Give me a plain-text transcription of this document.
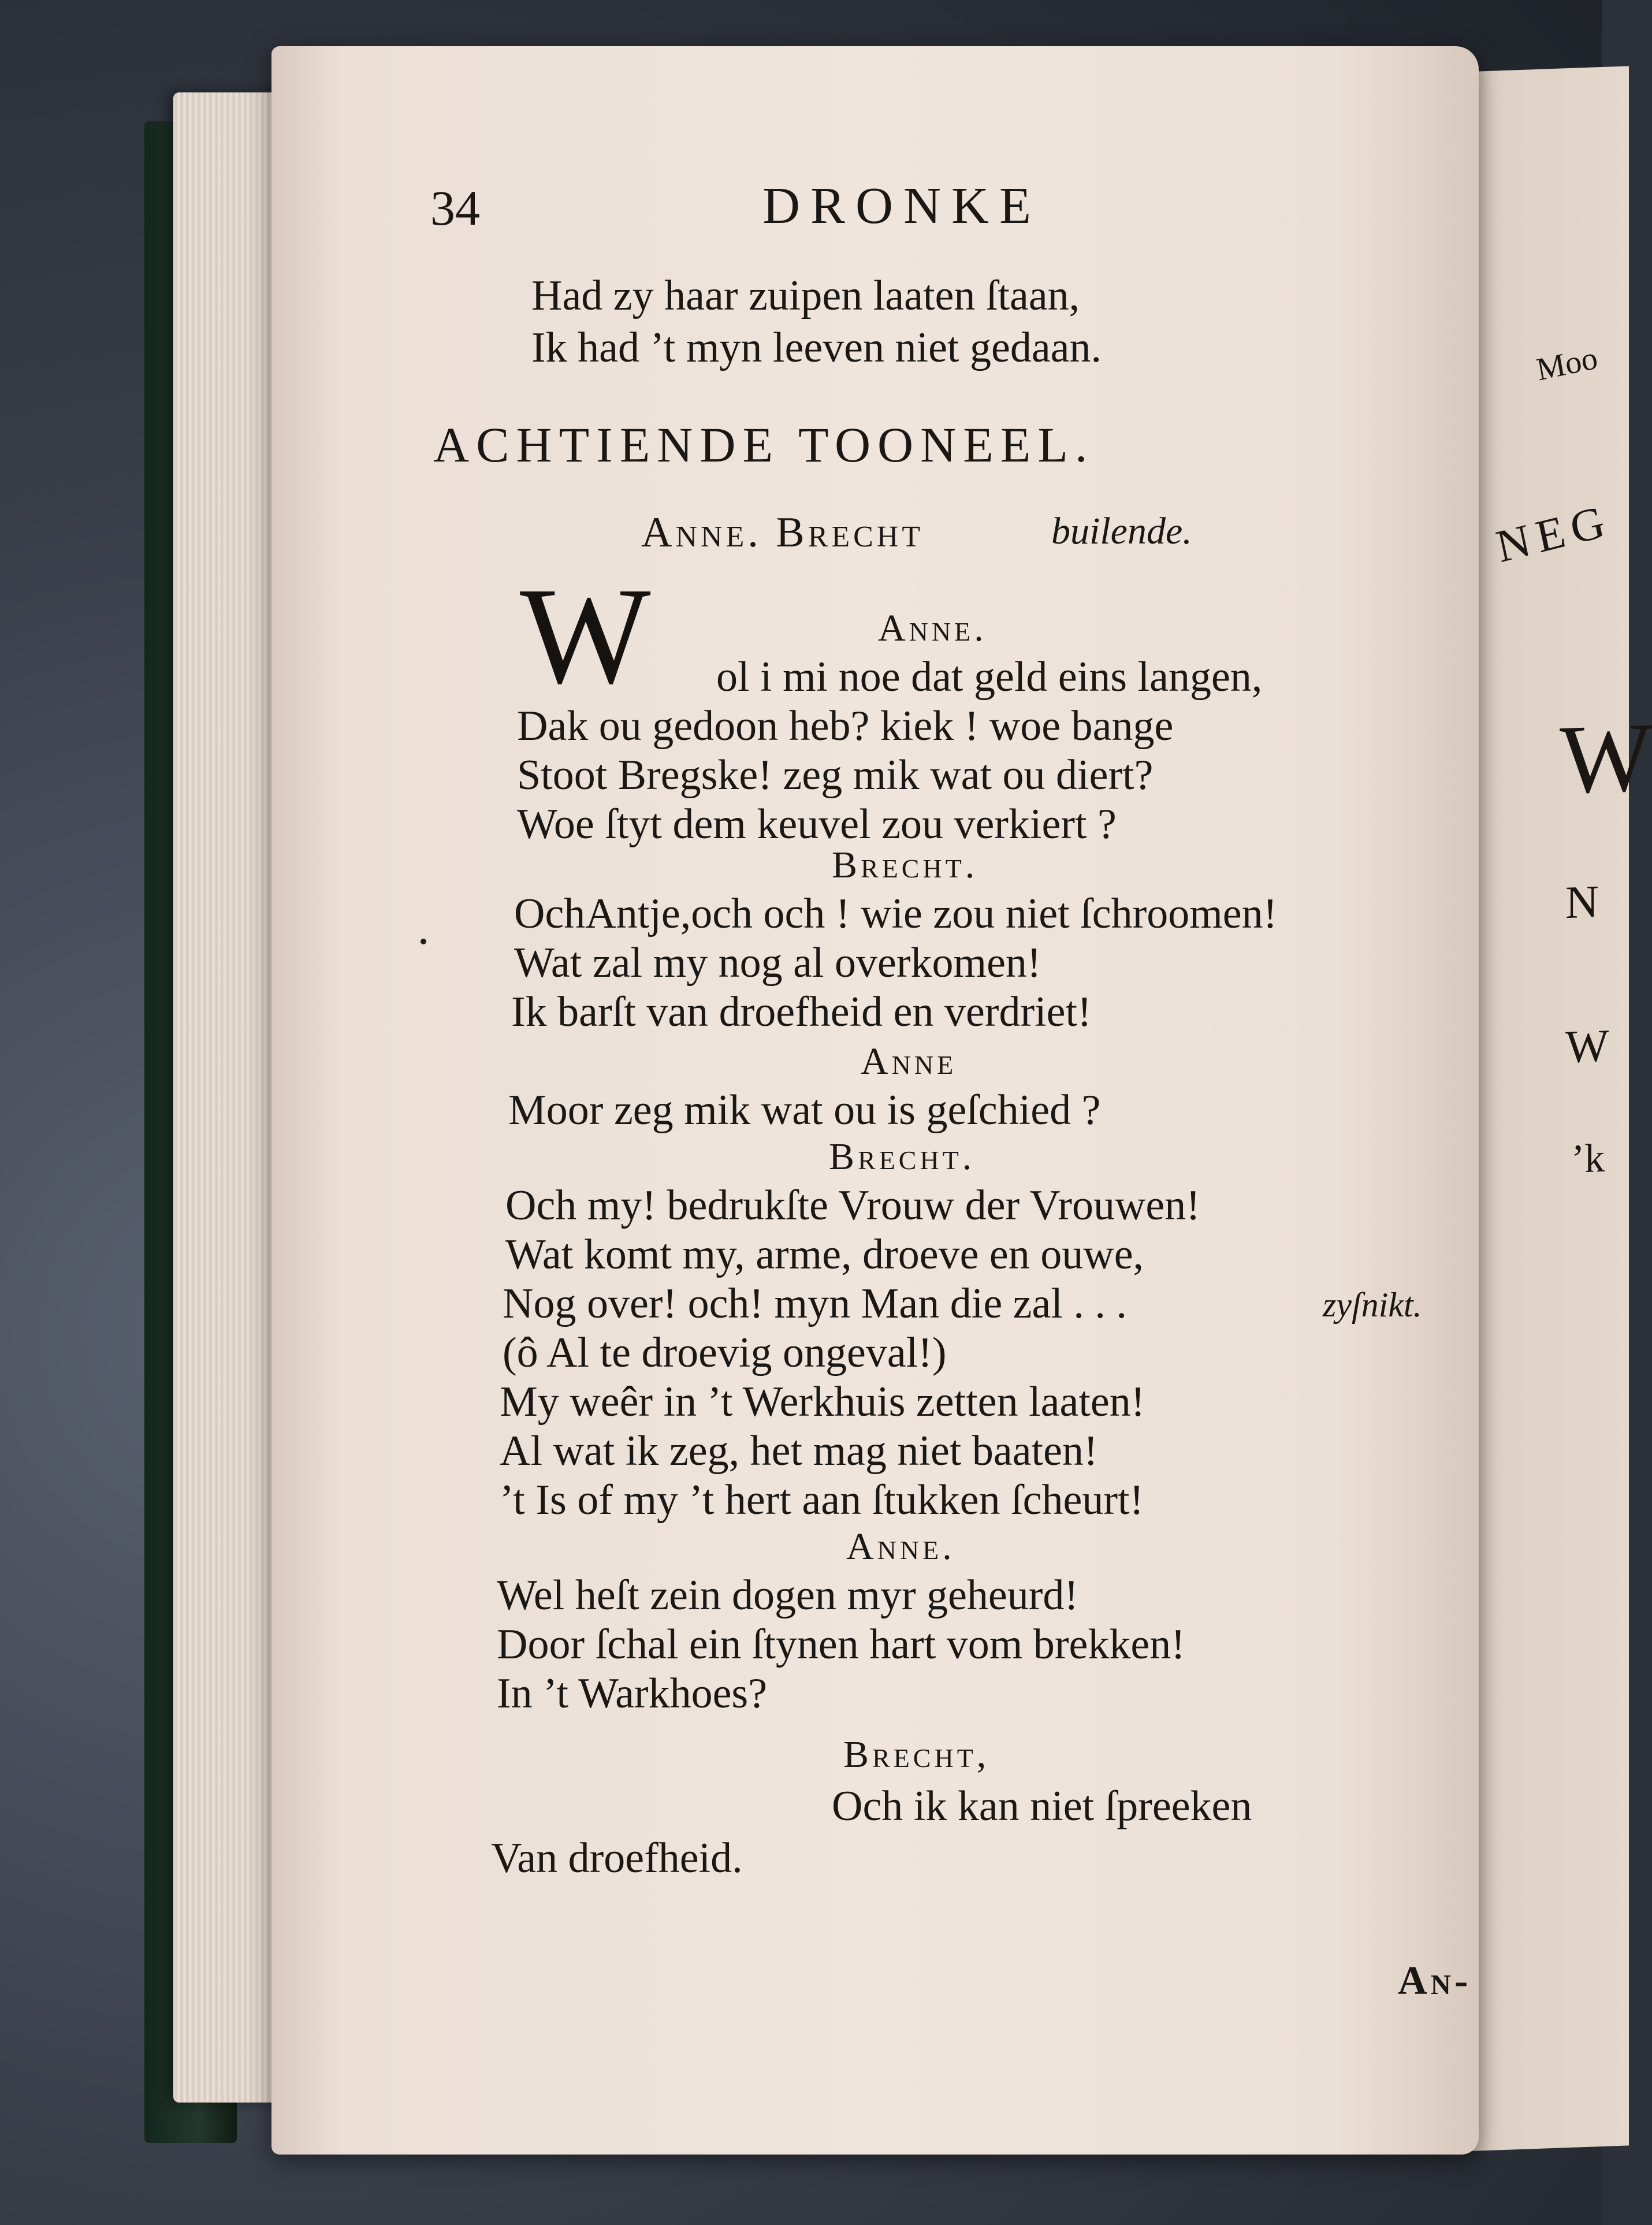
Moo
NEG
W
N
W
’k
34	DRONKE
Had zy haar zuipen laaten ſtaan,
Ik had ’t myn leeven niet gedaan.
ACHTIENDE TOONEEL.
Anne. Brecht	builende.
W	Anne.
ol i mi noe dat geld eins langen,
Dak ou gedoon heb? kiek ! woe bange
Stoot Bregske! zeg mik wat ou diert?
Woe ſtyt dem keuvel zou verkiert ?
Brecht.
OchAntje,och och ! wie zou niet ſchroomen!
Wat zal my nog al overkomen!
Ik barſt van droefheid en verdriet!
Anne
Moor zeg mik wat ou is geſchied ?
Brecht.
Och my! bedrukſte Vrouw der Vrouwen!
Wat komt my, arme, droeve en ouwe,
Nog over! och! myn Man die zal . . .	zyſnikt.
(ô Al te droevig ongeval!)
My weêr in ’t Werkhuis zetten laaten!
Al wat ik zeg, het mag niet baaten!
’t Is of my ’t hert aan ſtukken ſcheurt!
Anne.
Wel heſt zein dogen myr geheurd!
Door ſchal ein ſtynen hart vom brekken!
In ’t Warkhoes?
Brecht,
Och ik kan niet ſpreeken
Van droefheid.
An-
